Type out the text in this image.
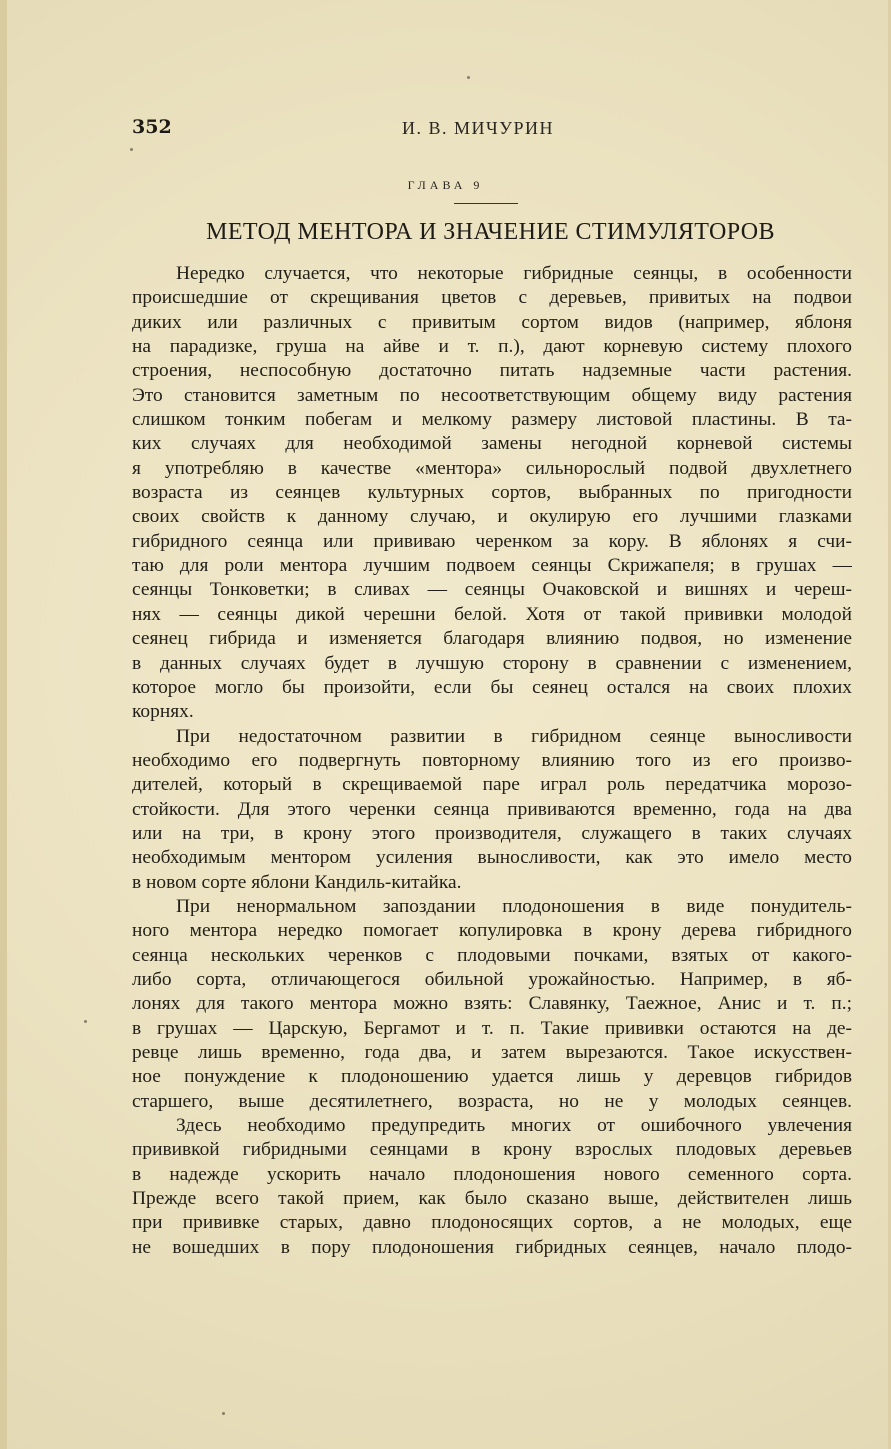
352	И. В. МИЧУРИН
ГЛАВА 9
МЕТОД МЕНТОРА И ЗНАЧЕНИЕ СТИМУЛЯТОРОВ
Нередко случается, что некоторые гибридные сеянцы, в особенности
происшедшие от скрещивания цветов с деревьев, привитых на подвои
диких или различных с привитым сортом видов (например, яблоня
на парадизке, груша на айве и т. п.), дают корневую систему плохого
строения, неспособную достаточно питать надземные части растения.
Это становится заметным по несоответствующим общему виду растения
слишком тонким побегам и мелкому размеру листовой пластины. В та-
ких случаях для необходимой замены негодной корневой системы
я употребляю в качестве «ментора» сильнорослый подвой двухлетнего
возраста из сеянцев культурных сортов, выбранных по пригодности
своих свойств к данному случаю, и окулирую его лучшими глазками
гибридного сеянца или прививаю черенком за кору. В яблонях я счи-
таю для роли ментора лучшим подвоем сеянцы Скрижапеля; в грушах —
сеянцы Тонковетки; в сливах — сеянцы Очаковской и вишнях и череш-
нях — сеянцы дикой черешни белой. Хотя от такой прививки молодой
сеянец гибрида и изменяется благодаря влиянию подвоя, но изменение
в данных случаях будет в лучшую сторону в сравнении с изменением,
которое могло бы произойти, если бы сеянец остался на своих плохих
корнях.
При недостаточном развитии в гибридном сеянце выносливости
необходимо его подвергнуть повторному влиянию того из его произво-
дителей, который в скрещиваемой паре играл роль передатчика морозо-
стойкости. Для этого черенки сеянца прививаются временно, года на два
или на три, в крону этого производителя, служащего в таких случаях
необходимым ментором усиления выносливости, как это имело место
в новом сорте яблони Кандиль-китайка.
При ненормальном запоздании плодоношения в виде понудитель-
ного ментора нередко помогает копулировка в крону дерева гибридного
сеянца нескольких черенков с плодовыми почками, взятых от какого-
либо сорта, отличающегося обильной урожайностью. Например, в яб-
лонях для такого ментора можно взять: Славянку, Таежное, Анис и т. п.;
в грушах — Царскую, Бергамот и т. п. Такие прививки остаются на де-
ревце лишь временно, года два, и затем вырезаются. Такое искусствен-
ное понуждение к плодоношению удается лишь у деревцов гибридов
старшего, выше десятилетнего, возраста, но не у молодых сеянцев.
Здесь необходимо предупредить многих от ошибочного увлечения
прививкой гибридными сеянцами в крону взрослых плодовых деревьев
в надежде ускорить начало плодоношения нового семенного сорта.
Прежде всего такой прием, как было сказано выше, действителен лишь
при прививке старых, давно плодоносящих сортов, а не молодых, еще
не вошедших в пору плодоношения гибридных сеянцев, начало плодо-
